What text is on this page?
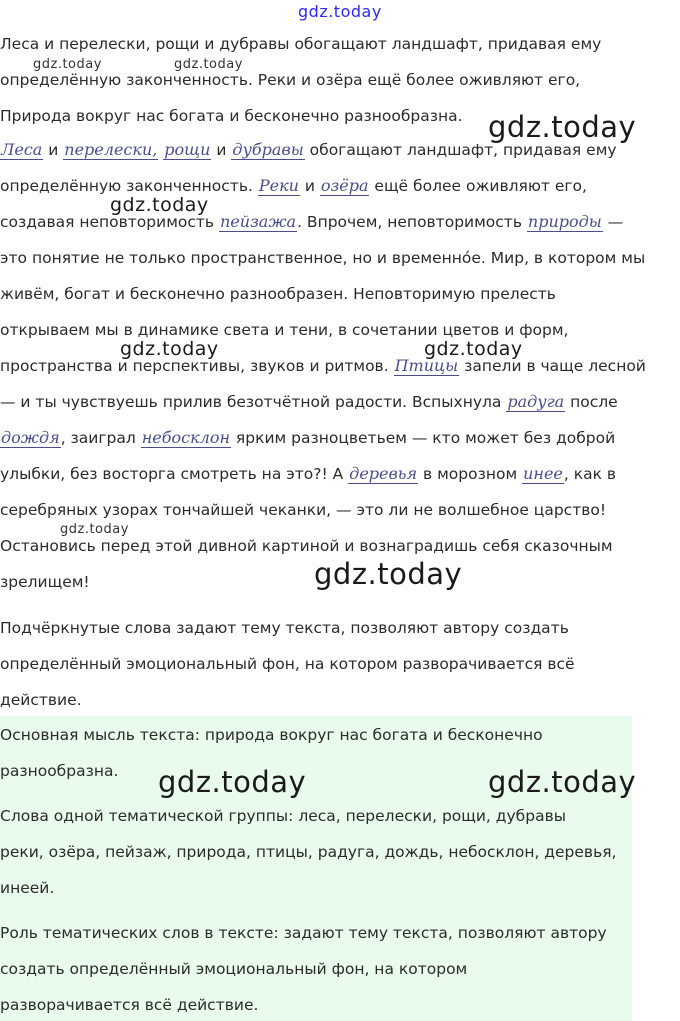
gdz.today
gdz.today	gdz.today
gdz.today
gdz.today
gdz.today	gdz.today
gdz.today
gdz.today
gdz.today	gdz.today
Леса и перелески, рощи и дубравы обогащают ландшафт, придавая ему
определённую законченность. Реки и озёра ещё более оживляют его,
Природа вокруг нас богата и бесконечно разнообразна.
Леса и перелески, рощи и дубравы обогащают ландшафт, придавая ему
определённую законченность. Реки и озёра ещё более оживляют его,
создавая неповторимость пейзажа. Впрочем, неповторимость природы —
это понятие не только пространственное, но и временно́е. Мир, в котором мы
живём, богат и бесконечно разнообразен. Неповторимую прелесть
открываем мы в динамике света и тени, в сочетании цветов и форм,
пространства и перспективы, звуков и ритмов. Птицы запели в чаще лесной
— и ты чувствуешь прилив безотчётной радости. Вспыхнула радуга после
дождя, заиграл небосклон ярким разноцветьем — кто может без доброй
улыбки, без восторга смотреть на это?! А деревья в морозном инее, как в
серебряных узорах тончайшей чеканки, — это ли не волшебное царство!
Остановись перед этой дивной картиной и вознаградишь себя сказочным
зрелищем!
Подчёркнутые слова задают тему текста, позволяют автору создать
определённый эмоциональный фон, на котором разворачивается всё
действие.
Основная мысль текста: природа вокруг нас богата и бесконечно
разнообразна.
Слова одной тематической группы: леса, перелески, рощи, дубравы
реки, озёра, пейзаж, природа, птицы, радуга, дождь, небосклон, деревья,
инеей.
Роль тематических слов в тексте: задают тему текста, позволяют автору
создать определённый эмоциональный фон, на котором
разворачивается всё действие.
